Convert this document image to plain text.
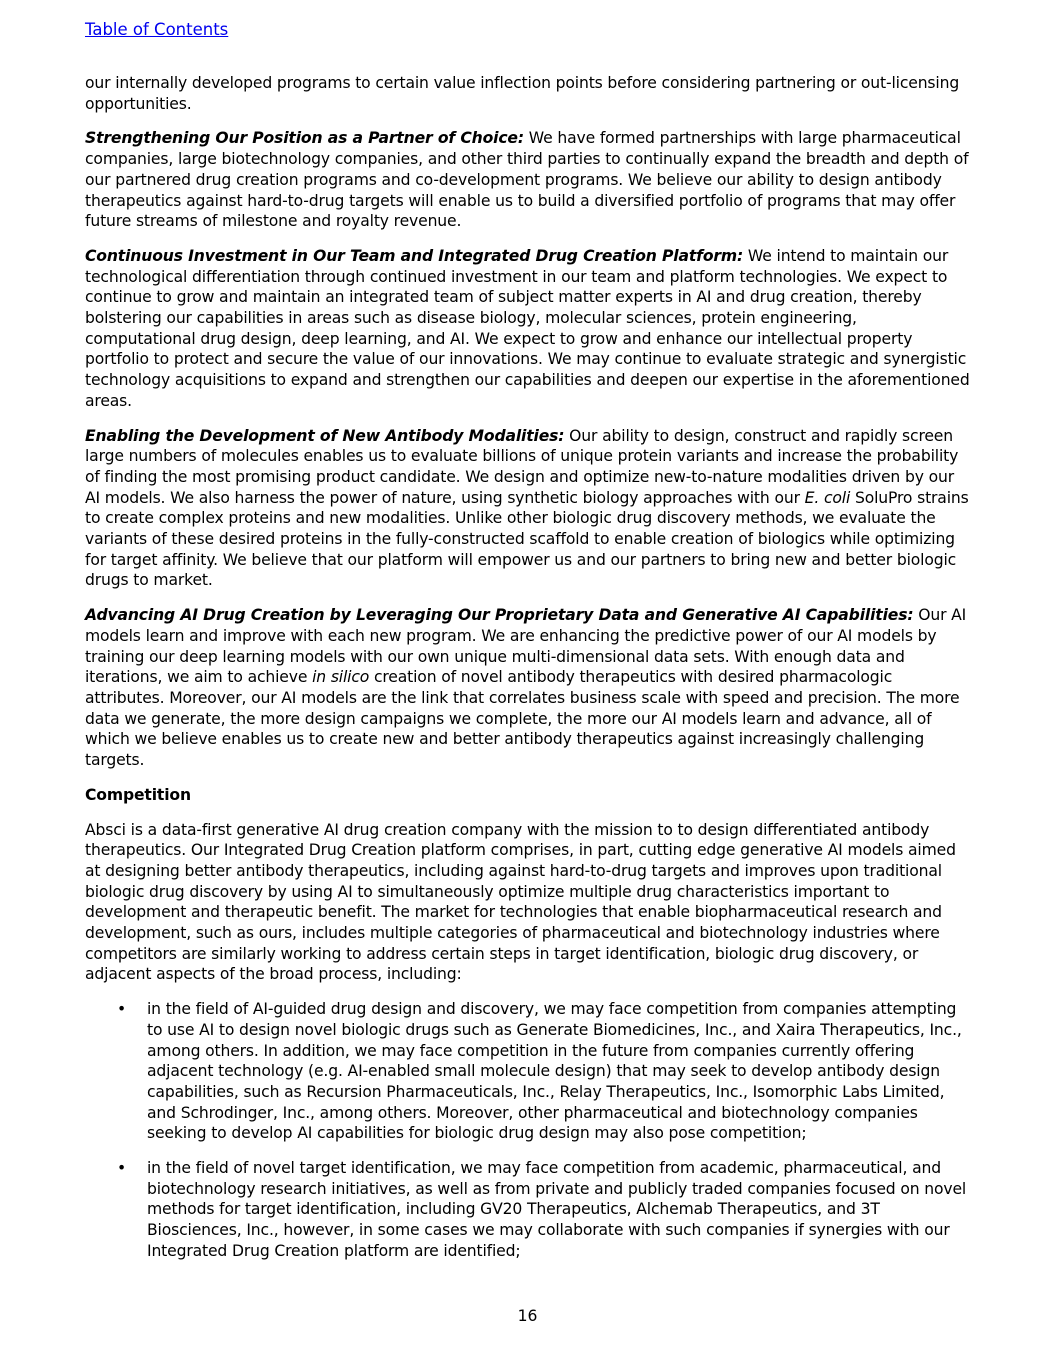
Table of Contents

our internally developed programs to certain value inflection points before considering partnering or out-licensing opportunities.

Strengthening Our Position as a Partner of Choice: We have formed partnerships with large pharmaceutical companies, large biotechnology companies, and other third parties to continually expand the breadth and depth of our partnered drug creation programs and co-development programs. We believe our ability to design antibody therapeutics against hard-to-drug targets will enable us to build a diversified portfolio of programs that may offer future streams of milestone and royalty revenue.

Continuous Investment in Our Team and Integrated Drug Creation Platform: We intend to maintain our technological differentiation through continued investment in our team and platform technologies. We expect to continue to grow and maintain an integrated team of subject matter experts in AI and drug creation, thereby bolstering our capabilities in areas such as disease biology, molecular sciences, protein engineering, computational drug design, deep learning, and AI. We expect to grow and enhance our intellectual property portfolio to protect and secure the value of our innovations. We may continue to evaluate strategic and synergistic technology acquisitions to expand and strengthen our capabilities and deepen our expertise in the aforementioned areas.

Enabling the Development of New Antibody Modalities: Our ability to design, construct and rapidly screen large numbers of molecules enables us to evaluate billions of unique protein variants and increase the probability of finding the most promising product candidate. We design and optimize new-to-nature modalities driven by our AI models. We also harness the power of nature, using synthetic biology approaches with our E. coli SoluPro strains to create complex proteins and new modalities. Unlike other biologic drug discovery methods, we evaluate the variants of these desired proteins in the fully-constructed scaffold to enable creation of biologics while optimizing for target affinity. We believe that our platform will empower us and our partners to bring new and better biologic drugs to market.

Advancing AI Drug Creation by Leveraging Our Proprietary Data and Generative AI Capabilities: Our AI models learn and improve with each new program. We are enhancing the predictive power of our AI models by training our deep learning models with our own unique multi-dimensional data sets. With enough data and iterations, we aim to achieve in silico creation of novel antibody therapeutics with desired pharmacologic attributes. Moreover, our AI models are the link that correlates business scale with speed and precision. The more data we generate, the more design campaigns we complete, the more our AI models learn and advance, all of which we believe enables us to create new and better antibody therapeutics against increasingly challenging targets.

Competition

Absci is a data-first generative AI drug creation company with the mission to to design differentiated antibody therapeutics. Our Integrated Drug Creation platform comprises, in part, cutting edge generative AI models aimed at designing better antibody therapeutics, including against hard-to-drug targets and improves upon traditional biologic drug discovery by using AI to simultaneously optimize multiple drug characteristics important to development and therapeutic benefit. The market for technologies that enable biopharmaceutical research and development, such as ours, includes multiple categories of pharmaceutical and biotechnology industries where competitors are similarly working to address certain steps in target identification, biologic drug discovery, or adjacent aspects of the broad process, including:

• in the field of AI-guided drug design and discovery, we may face competition from companies attempting to use AI to design novel biologic drugs such as Generate Biomedicines, Inc., and Xaira Therapeutics, Inc., among others. In addition, we may face competition in the future from companies currently offering adjacent technology (e.g. AI-enabled small molecule design) that may seek to develop antibody design capabilities, such as Recursion Pharmaceuticals, Inc., Relay Therapeutics, Inc., Isomorphic Labs Limited, and Schrodinger, Inc., among others. Moreover, other pharmaceutical and biotechnology companies seeking to develop AI capabilities for biologic drug design may also pose competition;
• in the field of novel target identification, we may face competition from academic, pharmaceutical, and biotechnology research initiatives, as well as from private and publicly traded companies focused on novel methods for target identification, including GV20 Therapeutics, Alchemab Therapeutics, and 3T Biosciences, Inc., however, in some cases we may collaborate with such companies if synergies with our Integrated Drug Creation platform are identified;
16
